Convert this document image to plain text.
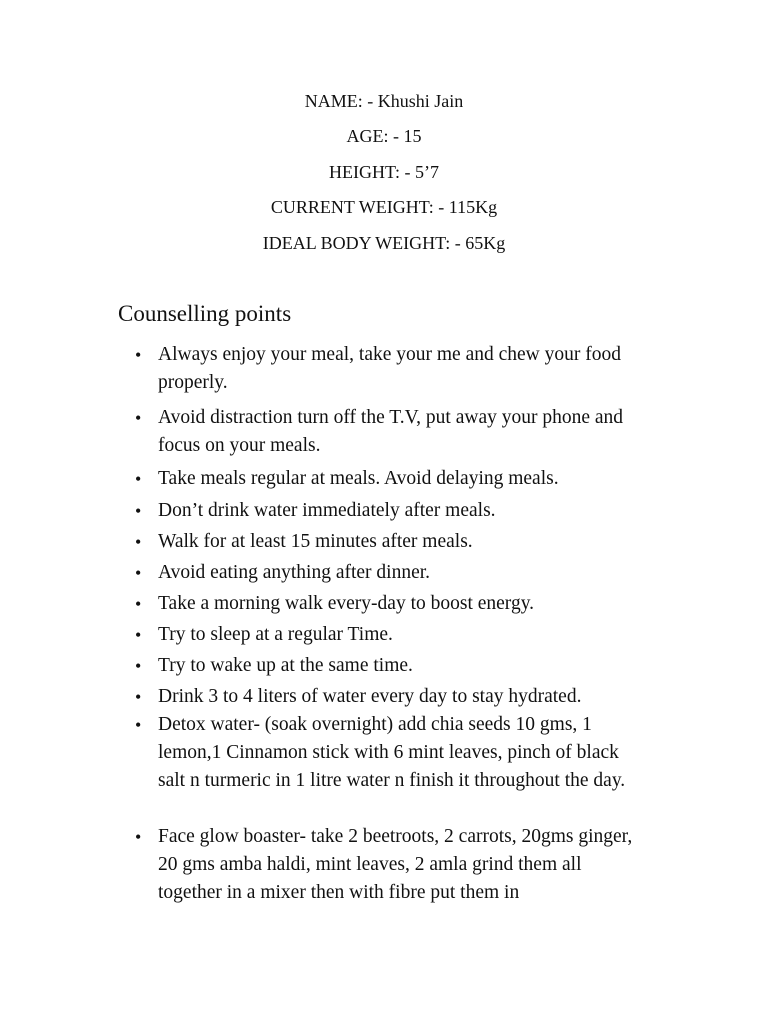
NAME: - Khushi Jain
AGE: - 15
HEIGHT: - 5’7
CURRENT WEIGHT: - 115Kg
IDEAL BODY WEIGHT: - 65Kg
Counselling points
• Always enjoy your meal, take your me and chew your food properly.
• Avoid distraction turn off the T.V, put away your phone and focus on your meals.
• Take meals regular at meals. Avoid delaying meals.
• Don’t drink water immediately after meals.
• Walk for at least 15 minutes after meals.
• Avoid eating anything after dinner.
• Take a morning walk every-day to boost energy.
• Try to sleep at a regular Time.
• Try to wake up at the same time.
• Drink 3 to 4 liters of water every day to stay hydrated.
• Detox water- (soak overnight) add chia seeds 10 gms, 1 lemon,1 Cinnamon stick with 6 mint leaves, pinch of black salt n turmeric in 1 litre water n finish it throughout the day.
• Face glow boaster- take 2 beetroots, 2 carrots, 20gms ginger, 20 gms amba haldi, mint leaves, 2 amla grind them all together in a mixer then with fibre put them in
